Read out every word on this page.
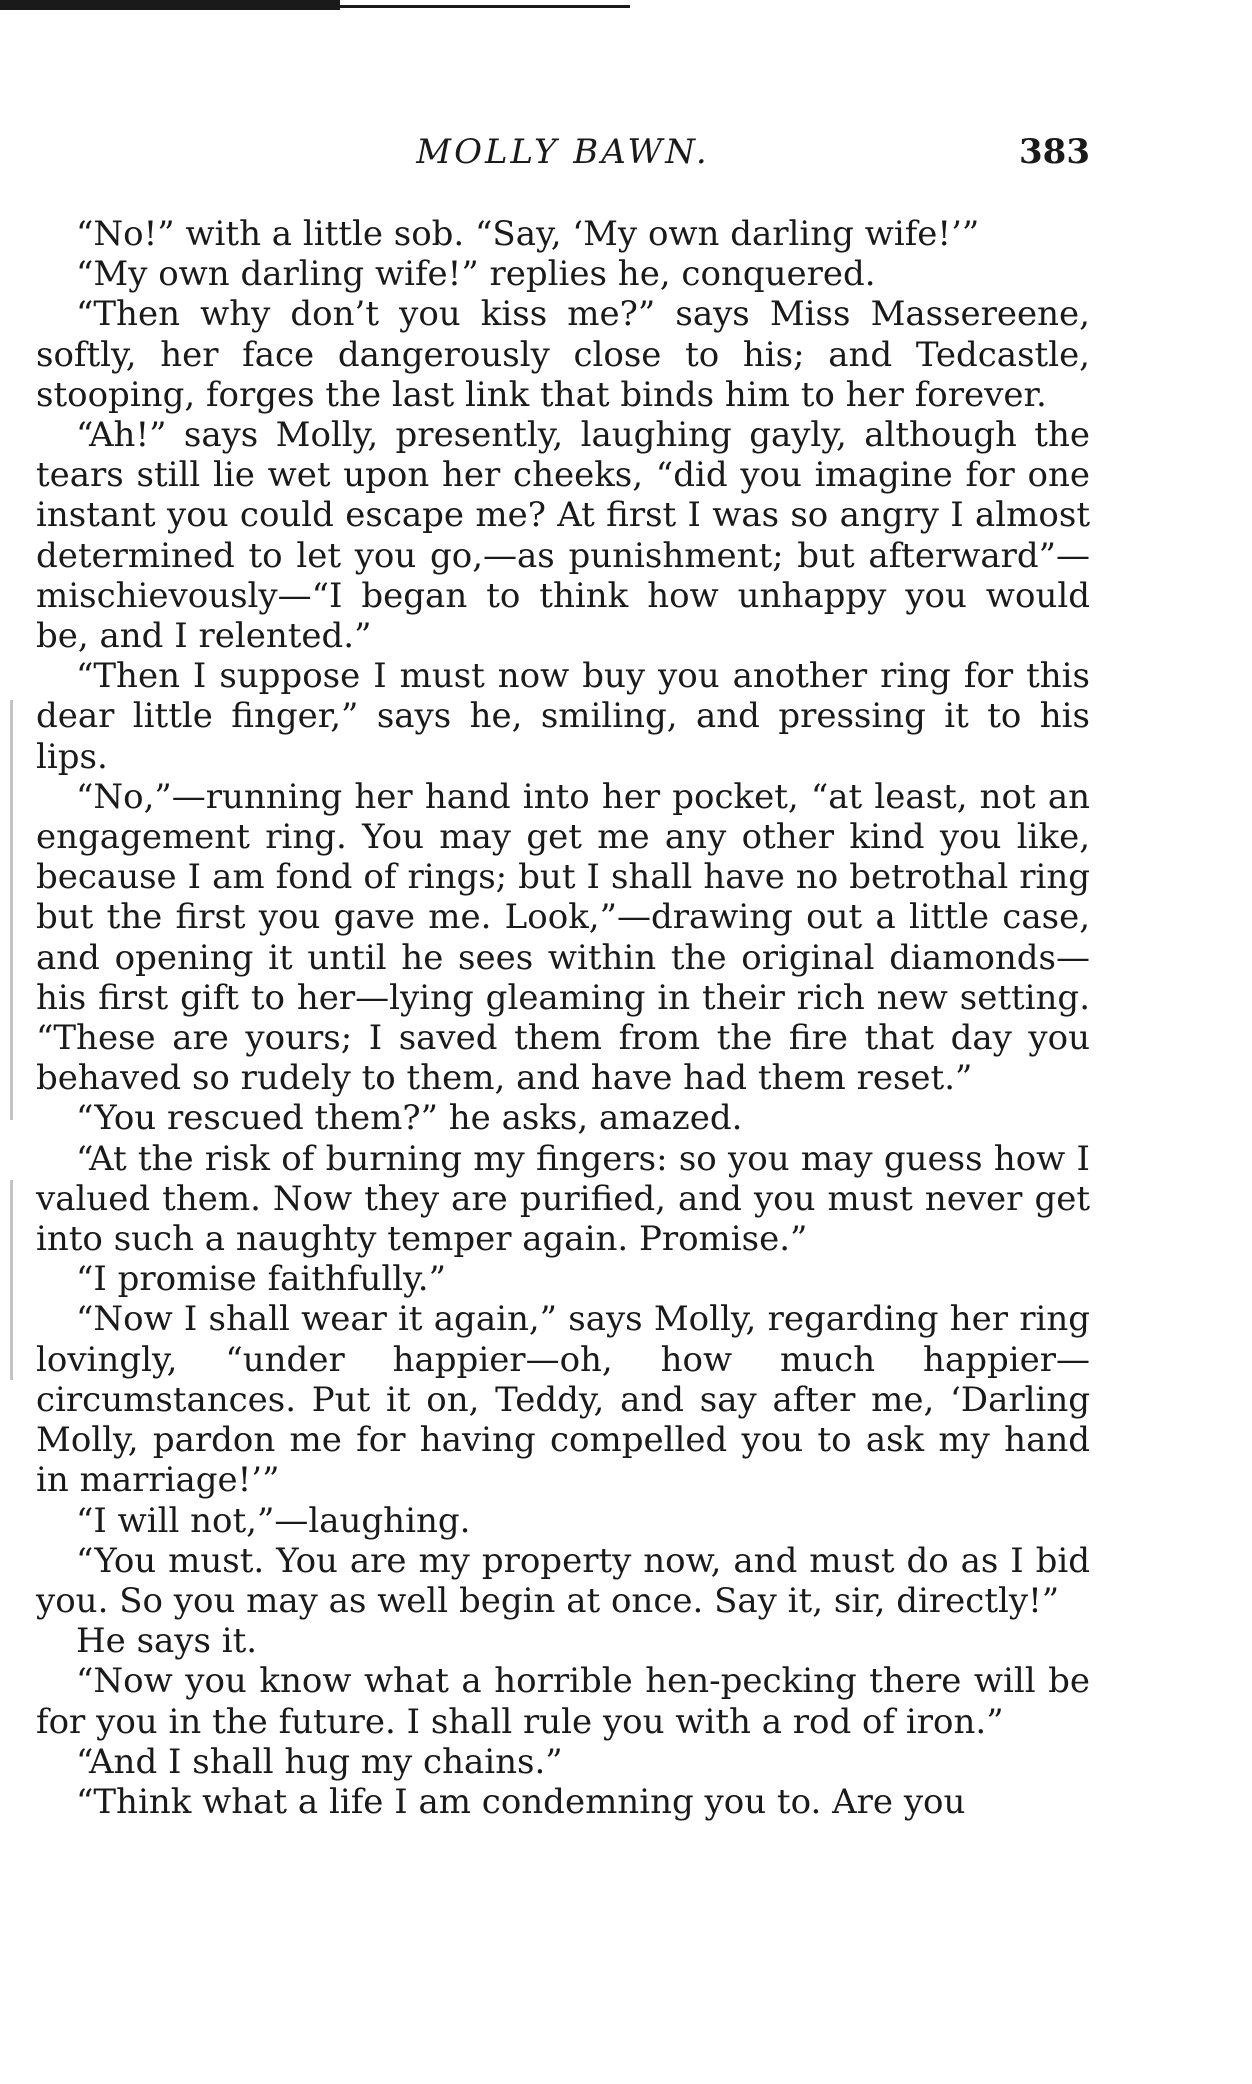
MOLLY BAWN.	383

“No!” with a little sob. “Say, ‘My own darling wife!’”

“My own darling wife!” replies he, conquered.

“Then why don’t you kiss me?” says Miss Massereene, softly, her face dangerously close to his; and Tedcastle, stooping, forges the last link that binds him to her forever.

“Ah!” says Molly, presently, laughing gayly, although the tears still lie wet upon her cheeks, “did you imagine for one instant you could escape me? At first I was so angry I almost determined to let you go,—as punishment; but afterward”—mischievously—“I began to think how unhappy you would be, and I relented.”

“Then I suppose I must now buy you another ring for this dear little finger,” says he, smiling, and pressing it to his lips.

“No,”—running her hand into her pocket, “at least, not an engagement ring. You may get me any other kind you like, because I am fond of rings; but I shall have no betrothal ring but the first you gave me. Look,”—drawing out a little case, and opening it until he sees within the original diamonds—his first gift to her—lying gleaming in their rich new setting. “These are yours; I saved them from the fire that day you behaved so rudely to them, and have had them reset.”

“You rescued them?” he asks, amazed.

“At the risk of burning my fingers: so you may guess how I valued them. Now they are purified, and you must never get into such a naughty temper again. Promise.”

“I promise faithfully.”

“Now I shall wear it again,” says Molly, regarding her ring lovingly, “under happier—oh, how much happier—circumstances. Put it on, Teddy, and say after me, ‘Darling Molly, pardon me for having compelled you to ask my hand in marriage!’”

“I will not,”—laughing.

“You must. You are my property now, and must do as I bid you. So you may as well begin at once. Say it, sir, directly!”

He says it.

“Now you know what a horrible hen-pecking there will be for you in the future. I shall rule you with a rod of iron.”

“And I shall hug my chains.”

“Think what a life I am condemning you to. Are you
